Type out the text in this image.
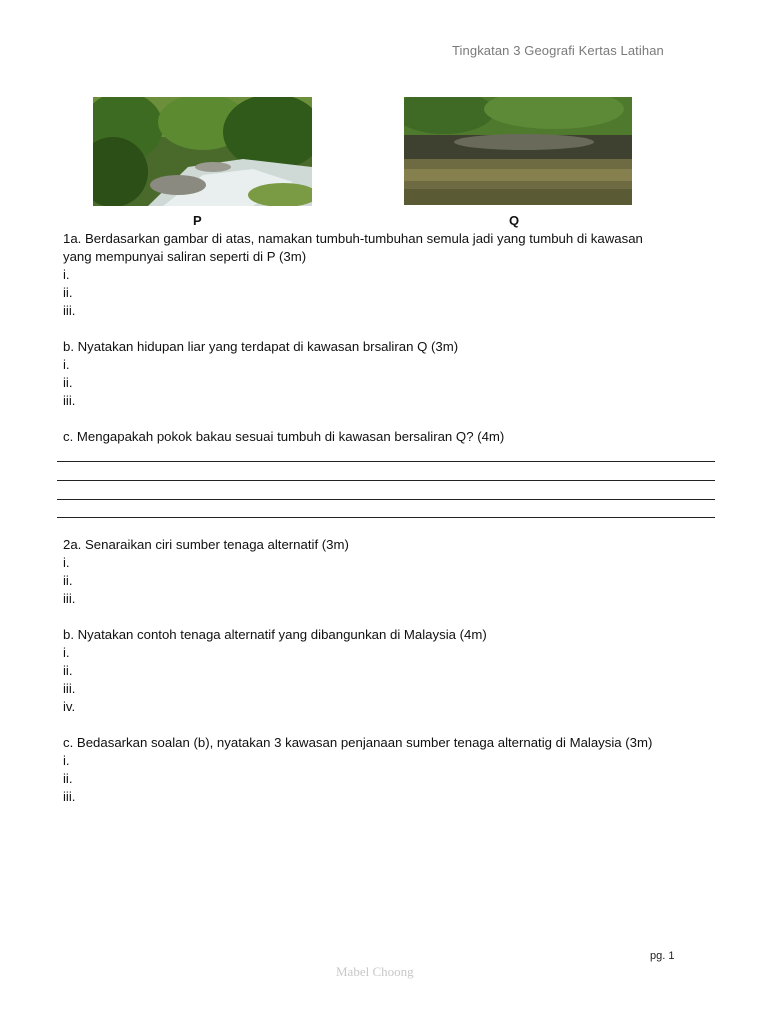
Tingkatan 3 Geografi Kertas Latihan
P	Q

1a. Berdasarkan gambar di atas, namakan tumbuh-tumbuhan semula jadi yang tumbuh di kawasan

yang mempunyai saliran seperti di P (3m)

i.
ii.
iii.

b. Nyatakan hidupan liar yang terdapat di kawasan brsaliran Q (3m)

i.
ii.
iii.

c. Mengapakah pokok bakau sesuai tumbuh di kawasan bersaliran Q? (4m)

2a. Senaraikan ciri sumber tenaga alternatif (3m)

i.
ii.
iii.

b. Nyatakan contoh tenaga alternatif yang dibangunkan di Malaysia (4m)

i.
ii.
iii.
iv.

c. Bedasarkan soalan (b), nyatakan 3 kawasan penjanaan sumber tenaga alternatig di Malaysia (3m)

i.
ii.
iii.
pg. 1
Mabel Choong
